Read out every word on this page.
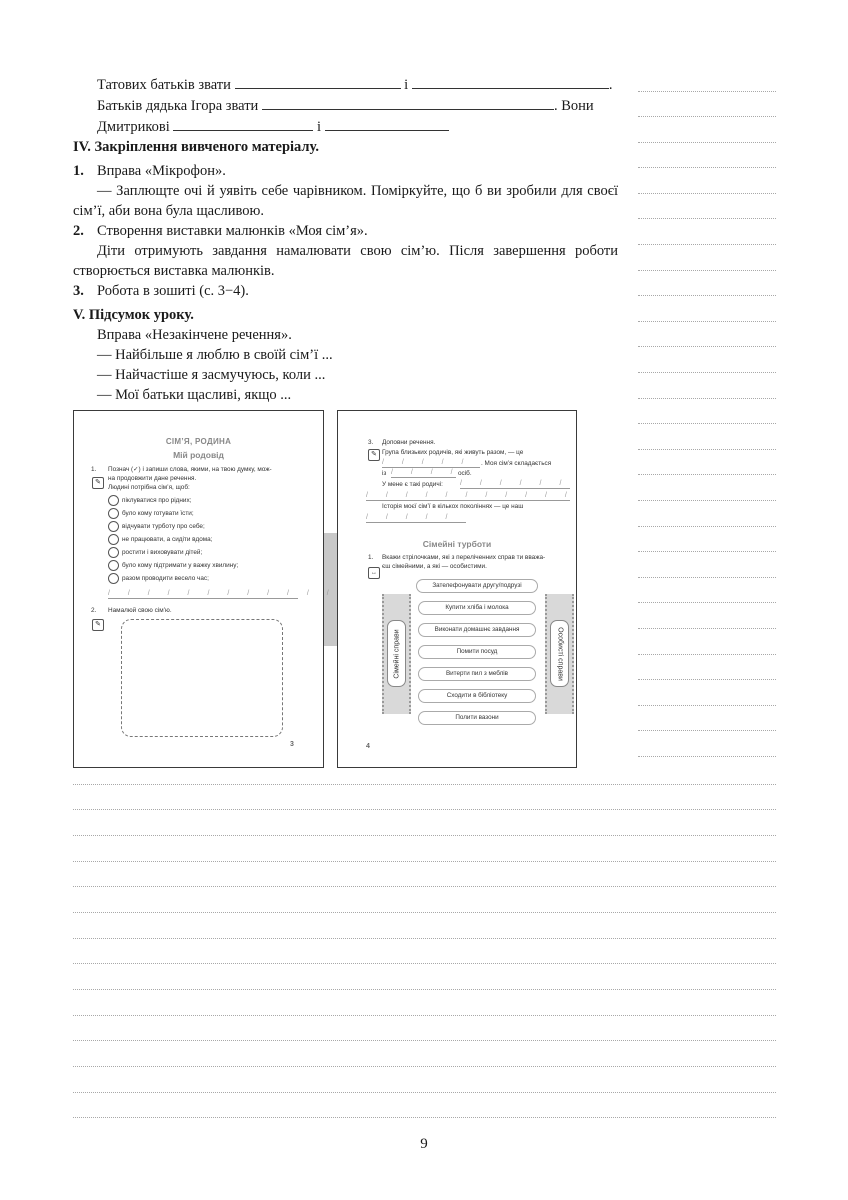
Татових батьків звати	і	.
Батьків дядька Ігора звати	. Вони
Дмитрикові	і
IV. Закріплення вивченого матеріалу.
1. Вправа «Мікрофон».
— Заплющте очі й уявіть себе чарівником. Поміркуйте, що б ви зробили для своєї сім’ї, аби вона була щасливою.
2. Створення виставки малюнків «Моя сім’я».
Діти отримують завдання намалювати свою сім’ю. Після завершення роботи створюється виставка малюнків.
3. Робота в зошиті (с. 3−4).
V. Підсумок уроку.
Вправа «Незакінчене речення».
— Найбільше я люблю в своїй сім’ї ...
— Найчастіше я засмучуюсь, коли ...
— Мої батьки щасливі, якщо ...
СІМ’Я, РОДИНА
Мій родовід
1. Познач (✓) і запиши слова, якими, на твою думку, мож-
на продовжити дане речення.
✎
Людині потрібна сім’я, щоб:
піклуватися про рідних;
було кому готувати їсти;
відчувати турботу про себе;
не працювати, а сидіти вдома;
ростити і виховувати дітей;
було кому підтримати у важку хвилину;
разом проводити весело час;
/ / / / / / / / / / / /
2. Намалюй свою сім’ю.
✎
3
3. Доповни речення.
✎ Група близьких родичів, які живуть разом, — це
/ / / / /	. Моя сім’я складається
із / / / /
осіб.
У мене є такі родичі: / / / / / /
/ / / / / / / / / / /
Історія моєї сім’ї в кількох поколіннях — це наш
/ / / / /
Сімейні турботи
1. Вкажи стрілочками, які з переліченних справ ти вважа-
єш сімейними, а які — особистими.
↔
Сімейні справи	Особисті справи
Зателефонувати другу/подрузі
Купити хліба і молока
Виконати домашнє завдання
Помити посуд
Витерти пил з меблів
Сходити в бібліотеку
Полити вазони
4
9
